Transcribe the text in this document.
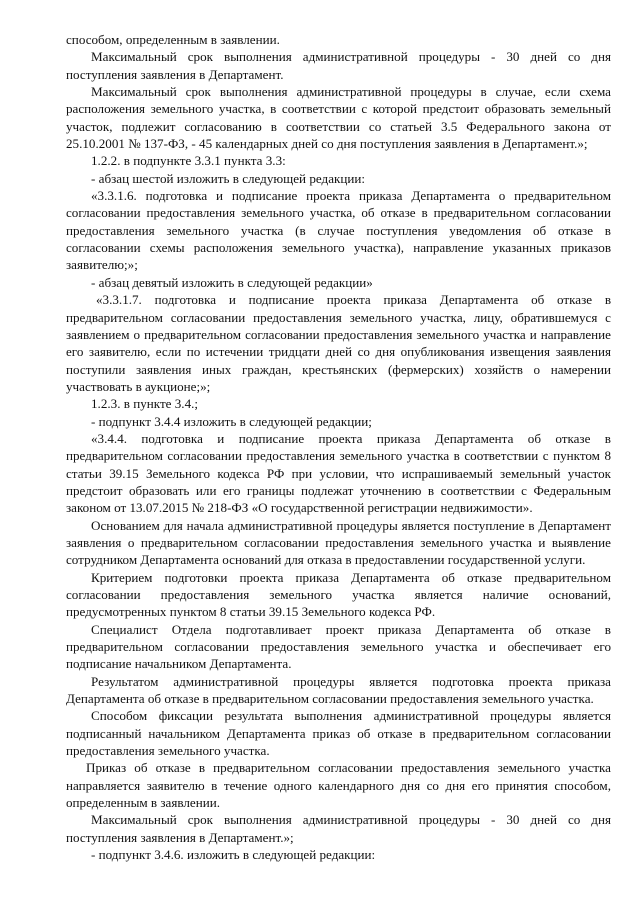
способом, определенным в заявлении.

Максимальный срок выполнения административной процедуры - 30 дней со дня поступления заявления в Департамент.

Максимальный срок выполнения административной процедуры в случае, если схема расположения земельного участка, в соответствии с которой предстоит образовать земельный участок, подлежит согласованию в соответствии со статьей 3.5 Федерального закона от 25.10.2001 № 137-ФЗ, - 45 календарных дней со дня поступления заявления в Департамент.»;

1.2.2. в подпункте 3.3.1 пункта 3.3:

- абзац шестой изложить в следующей редакции:

«3.3.1.6. подготовка и подписание проекта приказа Департамента о предварительном согласовании предоставления земельного участка, об отказе в предварительном согласовании предоставления земельного участка (в случае поступления уведомления об отказе в согласовании схемы расположения земельного участка), направление указанных приказов заявителю;»;

- абзац девятый изложить в следующей редакции»

«3.3.1.7. подготовка и подписание проекта приказа Департамента об отказе в предварительном согласовании предоставления земельного участка, лицу, обратившемуся с заявлением о предварительном согласовании предоставления земельного участка и направление его заявителю, если по истечении тридцати дней со дня опубликования извещения заявления поступили заявления иных граждан, крестьянских (фермерских) хозяйств о намерении участвовать в аукционе;»;

1.2.3. в пункте 3.4.;

- подпункт 3.4.4 изложить в следующей редакции;

«3.4.4. подготовка и подписание проекта приказа Департамента об отказе в предварительном согласовании предоставления земельного участка в соответствии с пунктом 8 статьи 39.15 Земельного кодекса РФ при условии, что испрашиваемый земельный участок предстоит образовать или его границы подлежат уточнению в соответствии с Федеральным законом от 13.07.2015 № 218-ФЗ «О государственной регистрации недвижимости».

Основанием для начала административной процедуры является поступление в Департамент заявления о предварительном согласовании предоставления земельного участка и выявление сотрудником Департамента оснований для отказа в предоставлении государственной услуги.

Критерием подготовки проекта приказа Департамента об отказе предварительном согласовании предоставления земельного участка является наличие оснований, предусмотренных пунктом 8 статьи 39.15 Земельного кодекса РФ.

Специалист Отдела подготавливает проект приказа Департамента об отказе в предварительном согласовании предоставления земельного участка и обеспечивает его подписание начальником Департамента.

Результатом административной процедуры является подготовка проекта приказа Департамента об отказе в предварительном согласовании предоставления земельного участка.

Способом фиксации результата выполнения административной процедуры является подписанный начальником Департамента приказ об отказе в предварительном согласовании предоставления земельного участка.

Приказ об отказе в предварительном согласовании предоставления земельного участка направляется заявителю в течение одного календарного дня со дня его принятия способом, определенным в заявлении.

Максимальный срок выполнения административной процедуры - 30 дней со дня поступления заявления в Департамент.»;

- подпункт 3.4.6. изложить в следующей редакции:
